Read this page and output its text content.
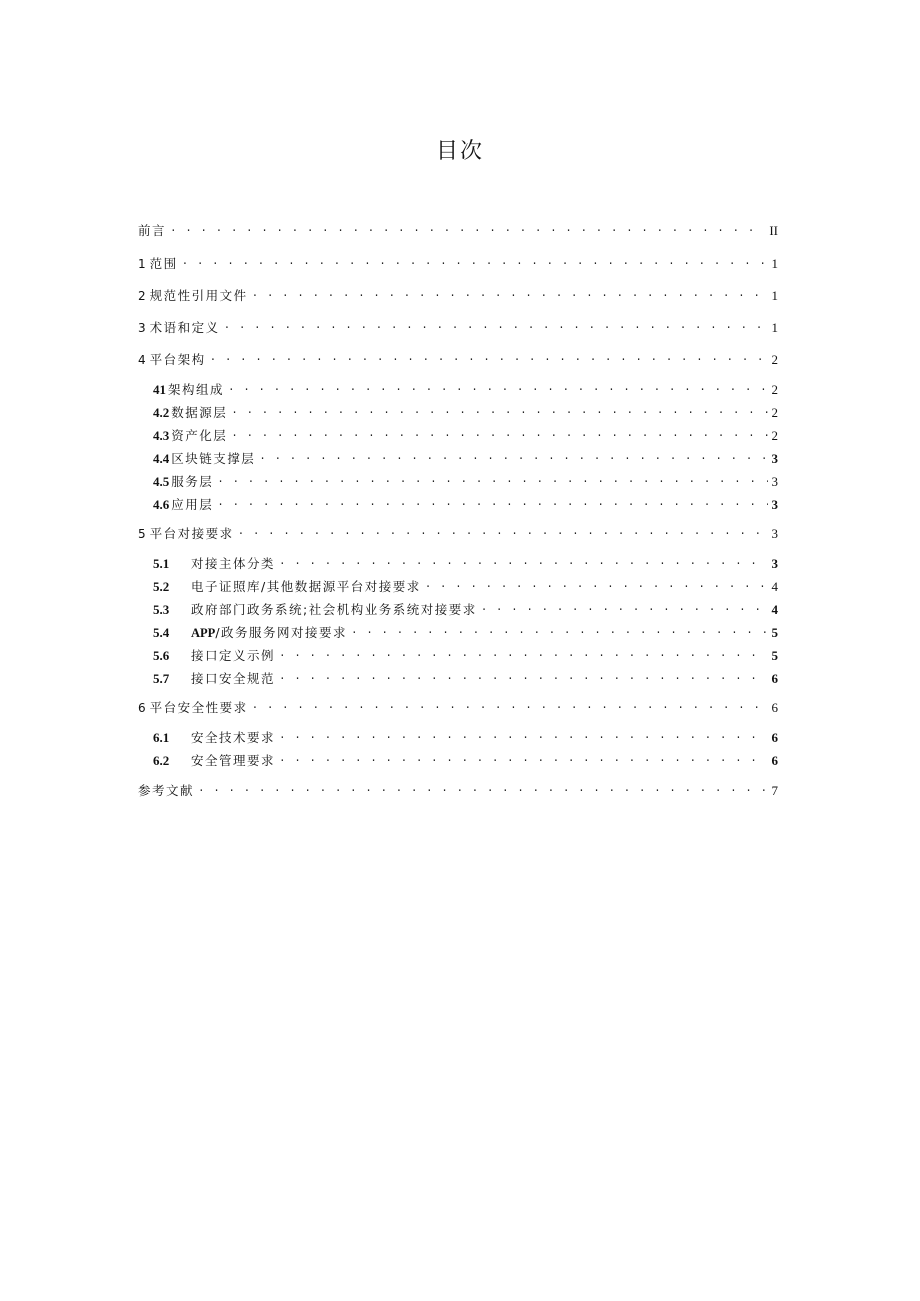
目次
前言 . . .	II
1 范围 . . .	1
2 规范性引用文件 . . .	1
3 术语和定义 . . .	1
4 平台架构 . . .	2
41 架构组成 . . .	2
4.2 数据源层 . . .	2
4.3 资产化层 . . .	2
4.4 区块链支撑层 . . .	3
4.5 服务层 . . .	3
4.6 应用层 . . .	3
5 平台对接要求 . . .	3
5.1	对接主体分类 . . .	3
5.2	电子证照库/其他数据源平台对接要求 . . .	4
5.3	政府部门政务系统;社会机构业务系统对接要求 . . .	4
5.4	APP/政务服务网对接要求 . . .	5
5.6	接口定义示例 . . .	5
5.7	接口安全规范 . . .	6
6 平台安全性要求 . . .	6
6.1	安全技术要求 . . .	6
6.2	安全管理要求 . . .	6
参考文献 . . .	7
